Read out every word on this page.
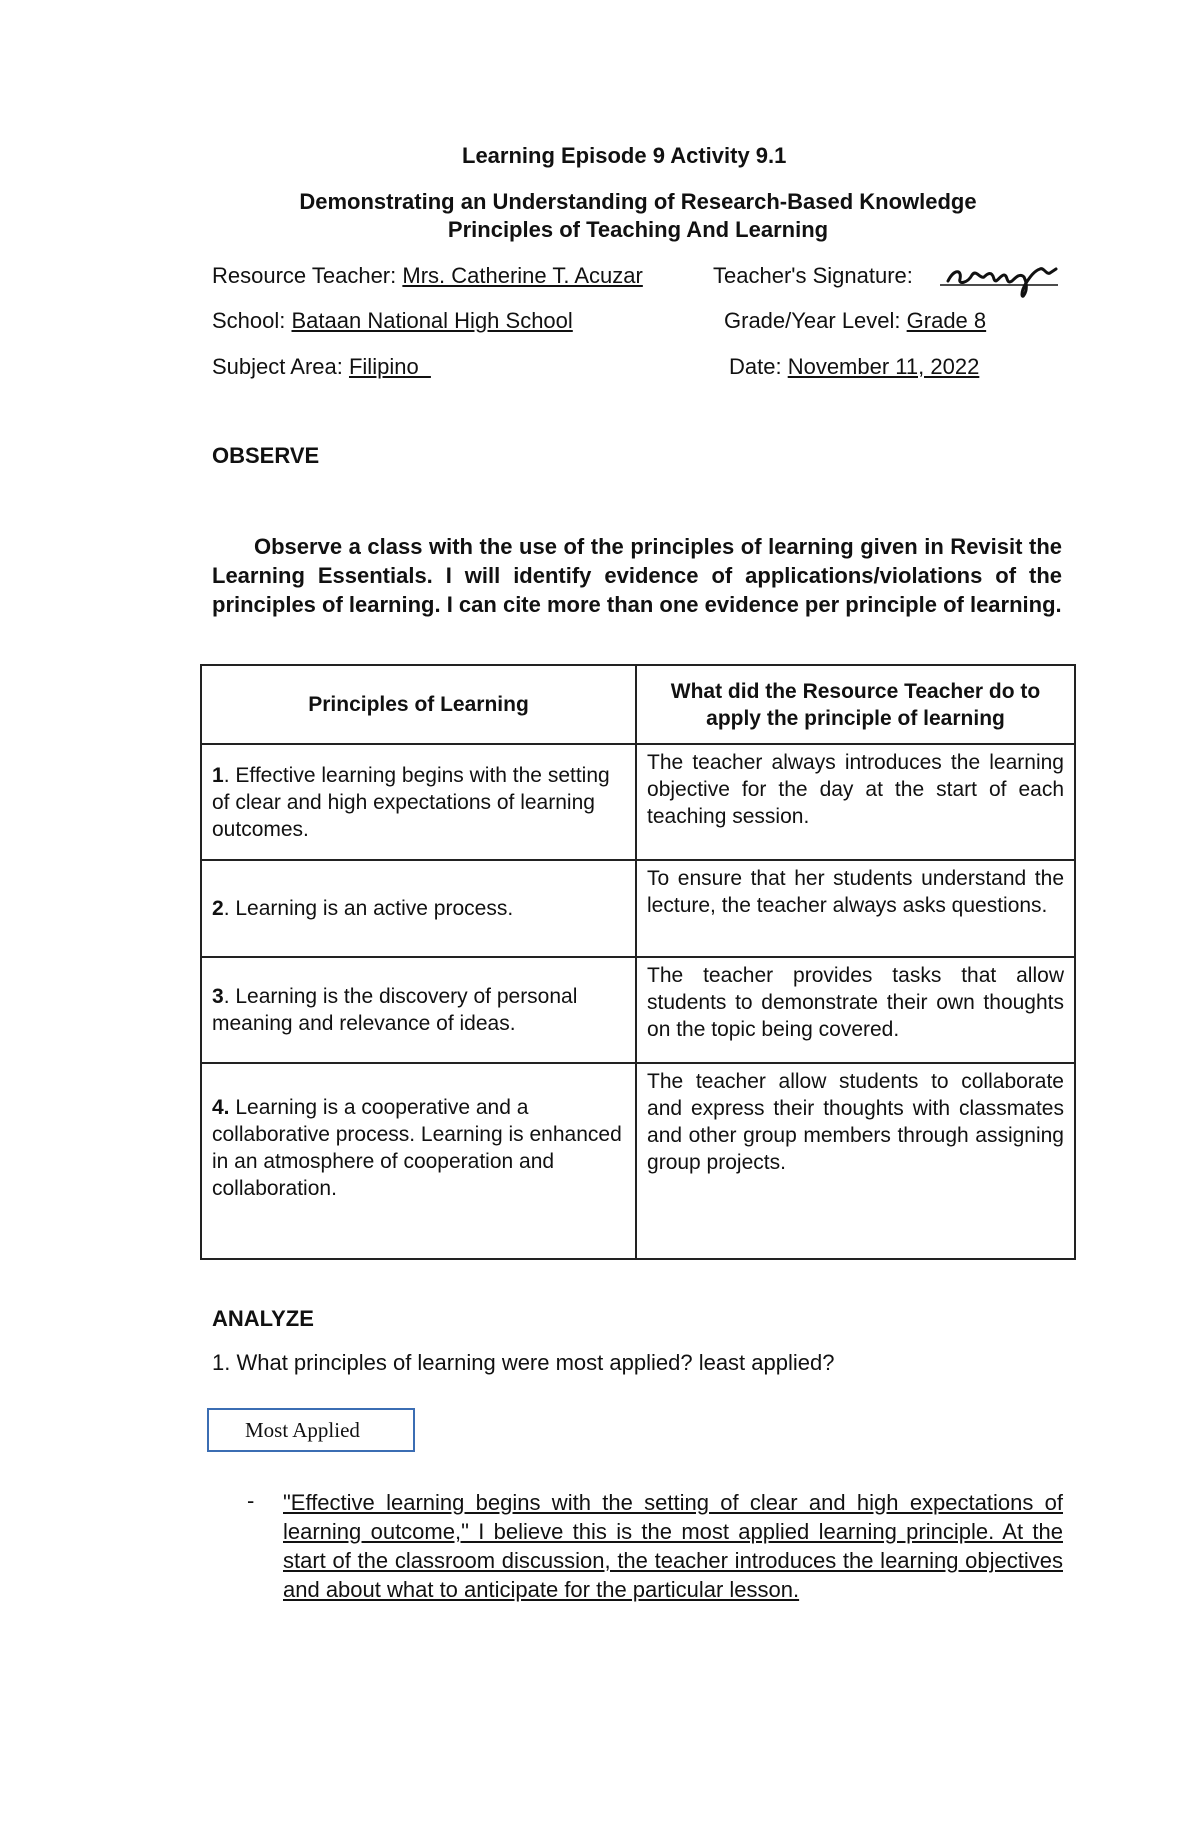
Learning Episode 9 Activity 9.1
Demonstrating an Understanding of Research-Based Knowledge
Principles of Teaching And Learning
Resource Teacher: Mrs. Catherine T. Acuzar	Teacher's Signature:
School: Bataan National High School	Grade/Year Level: Grade 8
Subject Area: Filipino	Date: November 11, 2022
OBSERVE
Observe a class with the use of the principles of learning given in Revisit the Learning Essentials. I will identify evidence of applications/violations of the principles of learning. I can cite more than one evidence per principle of learning.
Principles of Learning	What did the Resource Teacher do to apply the principle of learning
1. Effective learning begins with the setting of clear and high expectations of learning outcomes.	The teacher always introduces the learning objective for the day at the start of each teaching session.
2. Learning is an active process.	To ensure that her students understand the lecture, the teacher always asks questions.
3. Learning is the discovery of personal meaning and relevance of ideas.	The teacher provides tasks that allow students to demonstrate their own thoughts on the topic being covered.
4. Learning is a cooperative and a collaborative process. Learning is enhanced in an atmosphere of cooperation and collaboration.	The teacher allow students to collaborate and express their thoughts with classmates and other group members through assigning group projects.
ANALYZE
1. What principles of learning were most applied? least applied?
Most Applied
- "Effective learning begins with the setting of clear and high expectations of learning outcome," I believe this is the most applied learning principle. At the start of the classroom discussion, the teacher introduces the learning objectives and about what to anticipate for the particular lesson.
